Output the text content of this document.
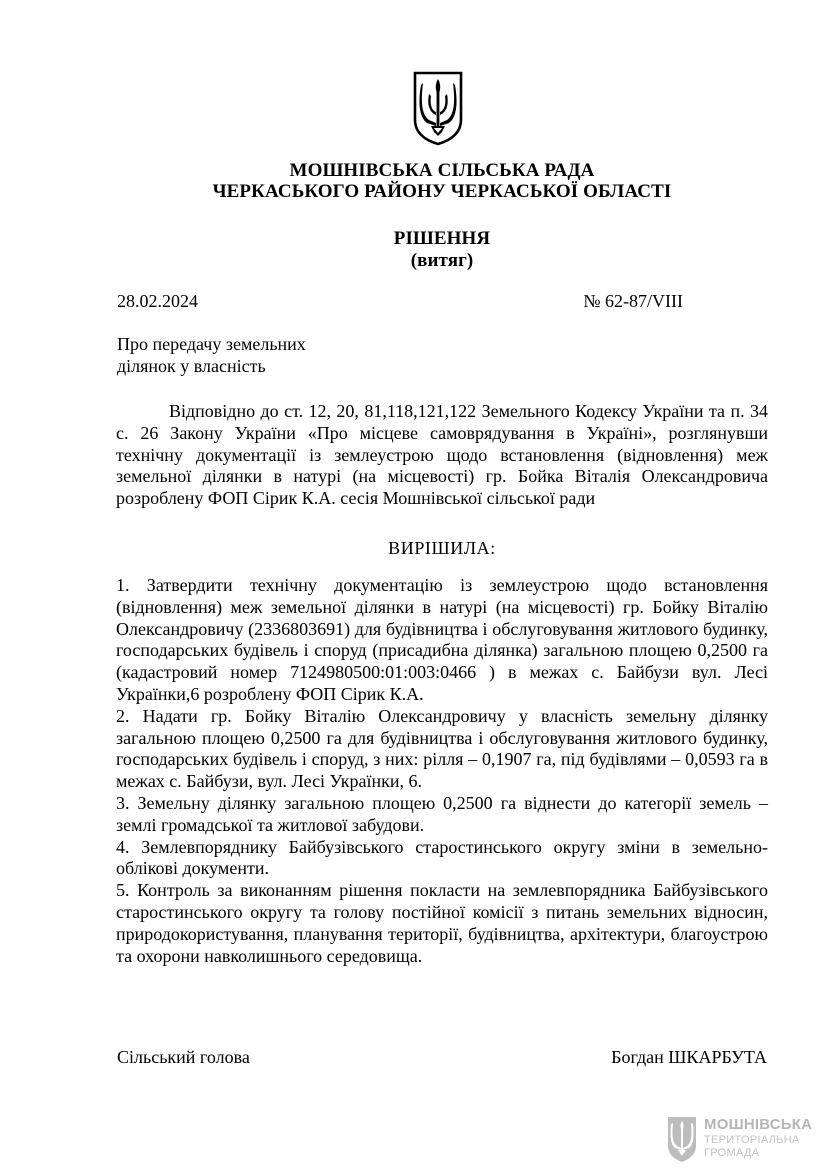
МОШНІВСЬКА СІЛЬСЬКА РАДА
ЧЕРКАСЬКОГО РАЙОНУ ЧЕРКАСЬКОЇ ОБЛАСТІ
РІШЕННЯ
(витяг)
28.02.2024	№ 62-87/VIII
Про передачу земельних
ділянок у власність
Відповідно до ст. 12, 20, 81,118,121,122 Земельного Кодексу України та п. 34 с. 26 Закону України «Про місцеве самоврядування в Україні», розглянувши технічну документації із землеустрою щодо встановлення (відновлення) меж земельної ділянки в натурі (на місцевості) гр. Бойка Віталія Олександровича розроблену ФОП Сірик К.А. сесія Мошнівської сільської ради
ВИРІШИЛА:

1. Затвердити технічну документацію із землеустрою щодо встановлення (відновлення) меж земельної ділянки в натурі (на місцевості) гр. Бойку Віталію Олександровичу (2336803691) для будівництва і обслуговування житлового будинку, господарських будівель і споруд (присадибна ділянка) загальною площею 0,2500 га (кадастровий номер 7124980500:01:003:0466 ) в межах с. Байбузи вул. Лесі Українки,6 розроблену ФОП Сірик К.А.

2. Надати гр. Бойку Віталію Олександровичу у власність земельну ділянку загальною площею 0,2500 га для будівництва і обслуговування житлового будинку, господарських будівель і споруд, з них: рілля – 0,1907 га, під будівлями – 0,0593 га в межах с. Байбузи, вул. Лесі Українки, 6.

3. Земельну ділянку загальною площею 0,2500 га віднести до категорії земель – землі громадської та житлової забудови.

4. Землевпоряднику Байбузівського старостинського округу зміни в земельно-облікові документи.

5. Контроль за виконанням рішення покласти на землевпорядника Байбузівського старостинського округу та голову постійної комісії з питань земельних відносин, природокористування, планування території, будівництва, архітектури, благоустрою та охорони навколишнього середовища.

Сільський голова	Богдан ШКАРБУТА
МОШНІВСЬКА
ТЕРИТОРІАЛЬНА
ГРОМАДА
